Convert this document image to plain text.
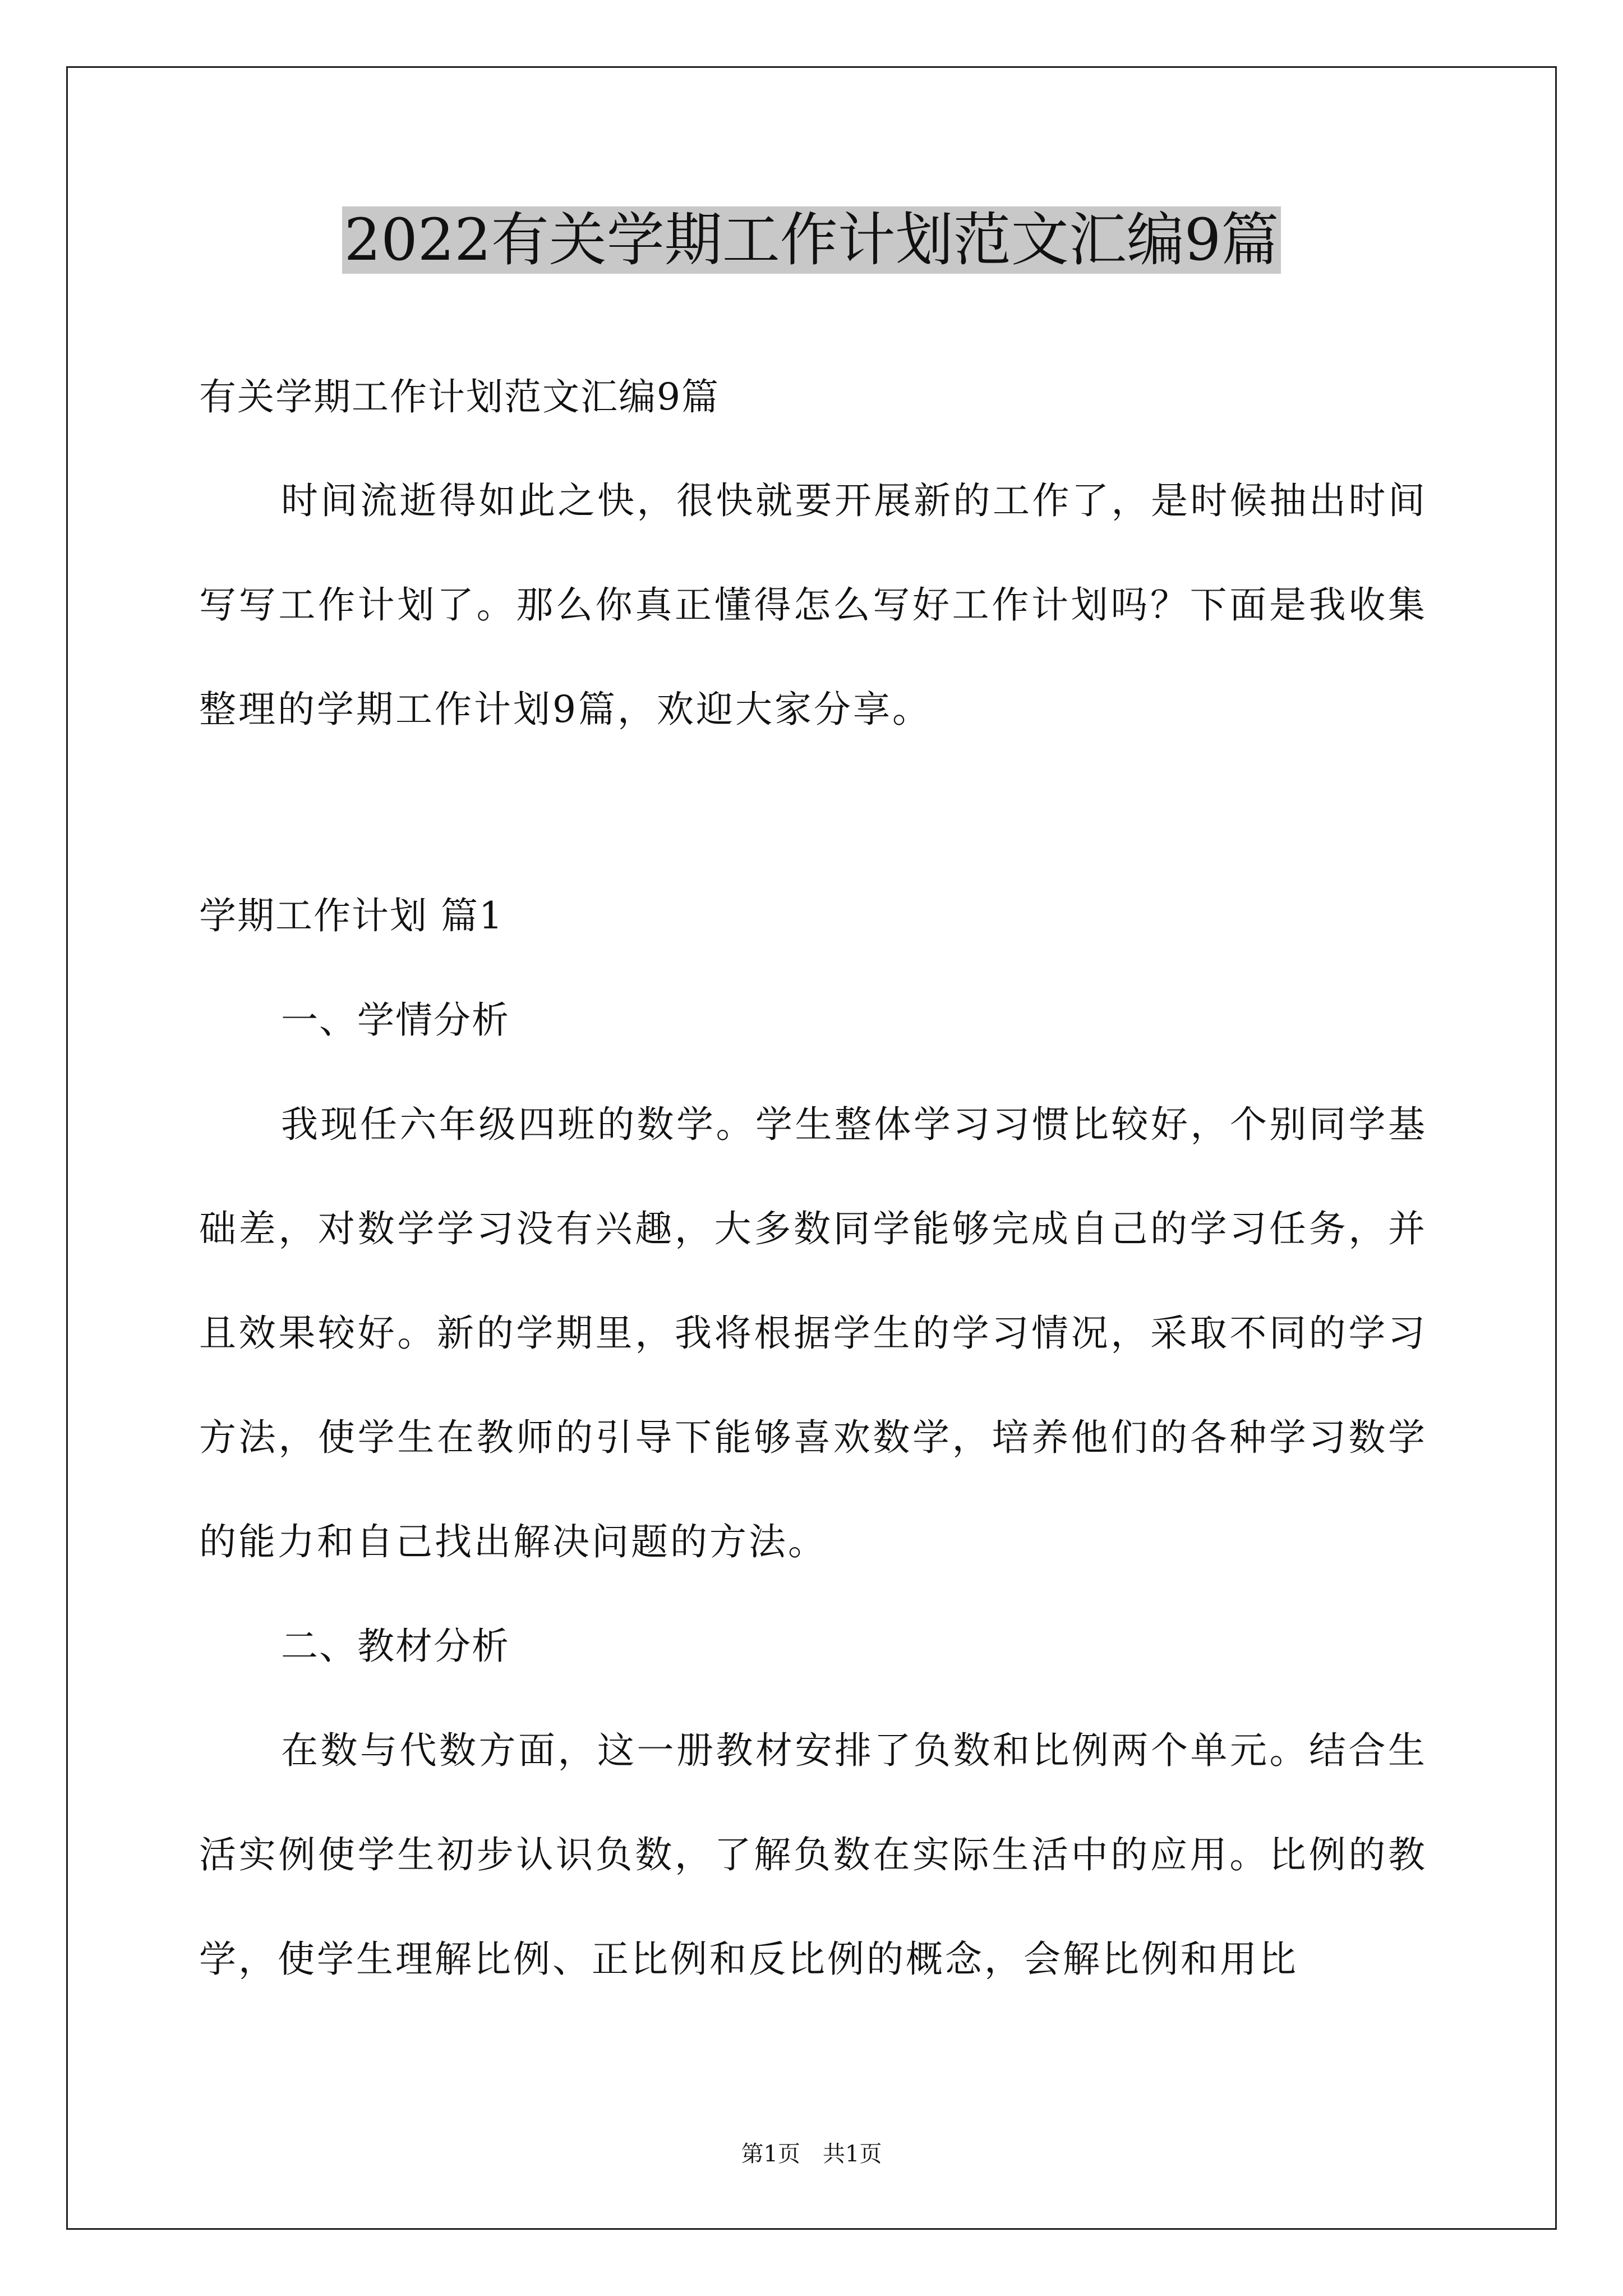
2022有关学期工作计划范文汇编9篇

有关学期工作计划范文汇编9篇

时间流逝得如此之快，很快就要开展新的工作了，是时候抽出时间写写工作计划了。那么你真正懂得怎么写好工作计划吗？下面是我收集整理的学期工作计划9篇，欢迎大家分享。

学期工作计划 篇1

一、学情分析

我现任六年级四班的数学。学生整体学习习惯比较好，个别同学基础差，对数学学习没有兴趣，大多数同学能够完成自己的学习任务，并且效果较好。新的学期里，我将根据学生的学习情况，采取不同的学习方法，使学生在教师的引导下能够喜欢数学，培养他们的各种学习数学的能力和自己找出解决问题的方法。

二、教材分析

在数与代数方面，这一册教材安排了负数和比例两个单元。结合生活实例使学生初步认识负数，了解负数在实际生活中的应用。比例的教学，使学生理解比例、正比例和反比例的概念，会解比例和用比

第1页　共1页
